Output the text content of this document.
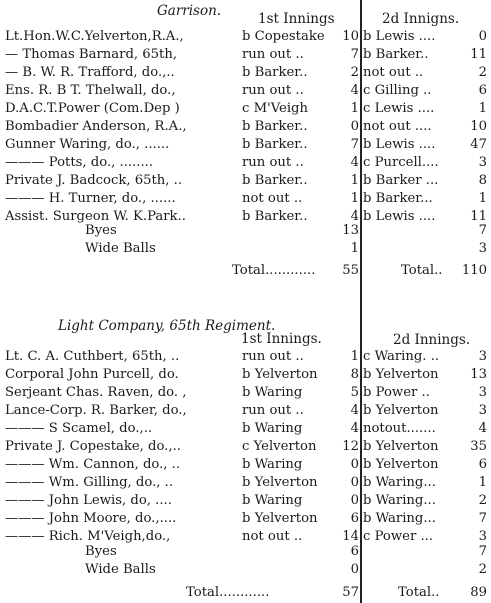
Garrison.	1st Innings	2d Innigns.
Lt.Hon.W.C.Yelverton,R.A.,	b Copestake	10 b Lewis ....	0
— Thomas Barnard, 65th,	run out ..	7 b Barker..	11
— B. W. R. Trafford, do.,..	b Barker..	2 not out ..	2
Ens. R. B T. Thelwall, do.,	run out ..	4 c Gilling ..	6
D.A.C.T.Power (Com.Dep )	c M'Veigh	1 c Lewis ....	1
Bombadier Anderson, R.A.,	b Barker..	0 not out ....	10
Gunner Waring, do., ......	b Barker..	7 b Lewis ....	47
——— Potts, do., ........	run out ..	4 c Purcell....	3
Private J. Badcock, 65th, ..	b Barker..	1 b Barker ...	8
——— H. Turner, do., ......	not out ..	1 b Barker...	1
Assist. Surgeon W. K.Park..	b Barker..	4 b Lewis ....	11
Byes	13	7
Wide Balls	1	3
Total............ 55	Total.. 110
Light Company, 65th Regiment.
1st Innings.	2d Innings.
Lt. C. A. Cuthbert, 65th, ..	run out ..	1 c Waring. ..	3
Corporal John Purcell, do.	b Yelverton	8 b Yelverton	13
Serjeant Chas. Raven, do. ,	b Waring	5 b Power ..	3
Lance-Corp. R. Barker, do.,	run out ..	4 b Yelverton	3
——— S Scamel, do.,..	b Waring	4 notout.......	4
Private J. Copestake, do.,..	c Yelverton	12 b Yelverton	35
——— Wm. Cannon, do., ..	b Waring	0 b Yelverton	6
——— Wm. Gilling, do., ..	b Yelverton	0 b Waring...	1
——— John Lewis, do, ....	b Waring	0 b Waring...	2
——— John Moore, do.,....	b Yelverton	6 b Waring...	7
——— Rich. M'Veigh,do.,	not out ..	14 c Power ...	3
Byes	6	7
Wide Balls	0	2
Total............	57	Total..	89
